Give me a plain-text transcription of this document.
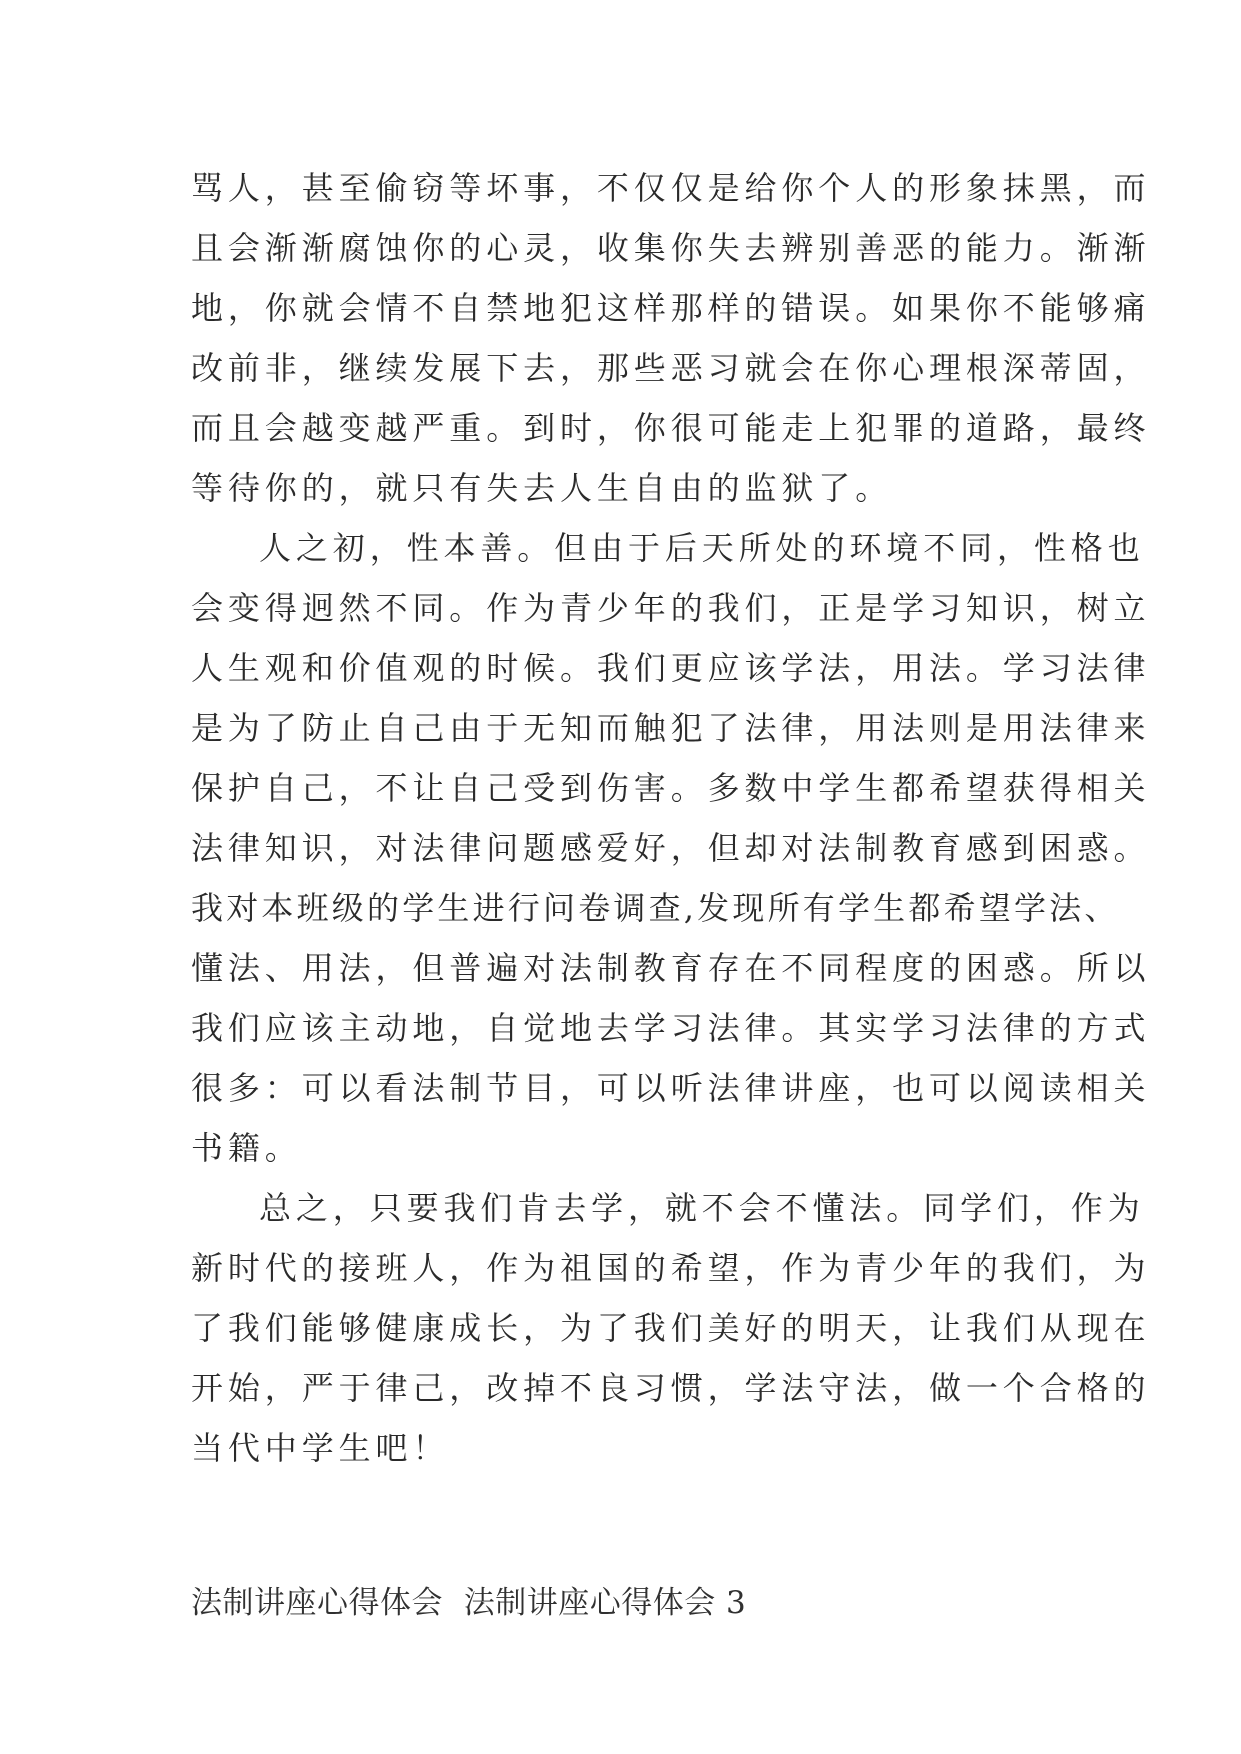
骂人，甚至偷窃等坏事，不仅仅是给你个人的形象抹黑，而
且会渐渐腐蚀你的心灵，收集你失去辨别善恶的能力。渐渐
地，你就会情不自禁地犯这样那样的错误。如果你不能够痛
改前非，继续发展下去，那些恶习就会在你心理根深蒂固，
而且会越变越严重。到时，你很可能走上犯罪的道路，最终
等待你的，就只有失去人生自由的监狱了。
人之初，性本善。但由于后天所处的环境不同，性格也
会变得迥然不同。作为青少年的我们，正是学习知识，树立
人生观和价值观的时候。我们更应该学法，用法。学习法律
是为了防止自己由于无知而触犯了法律，用法则是用法律来
保护自己，不让自己受到伤害。多数中学生都希望获得相关
法律知识，对法律问题感爱好，但却对法制教育感到困惑。
我对本班级的学生进行问卷调查,发现所有学生都希望学法、
懂法、用法，但普遍对法制教育存在不同程度的困惑。所以
我们应该主动地，自觉地去学习法律。其实学习法律的方式
很多：可以看法制节目，可以听法律讲座，也可以阅读相关
书籍。
总之，只要我们肯去学，就不会不懂法。同学们，作为
新时代的接班人，作为祖国的希望，作为青少年的我们，为
了我们能够健康成长，为了我们美好的明天，让我们从现在
开始，严于律己，改掉不良习惯，学法守法，做一个合格的
当代中学生吧！
法制讲座心得体会  法制讲座心得体会 3
